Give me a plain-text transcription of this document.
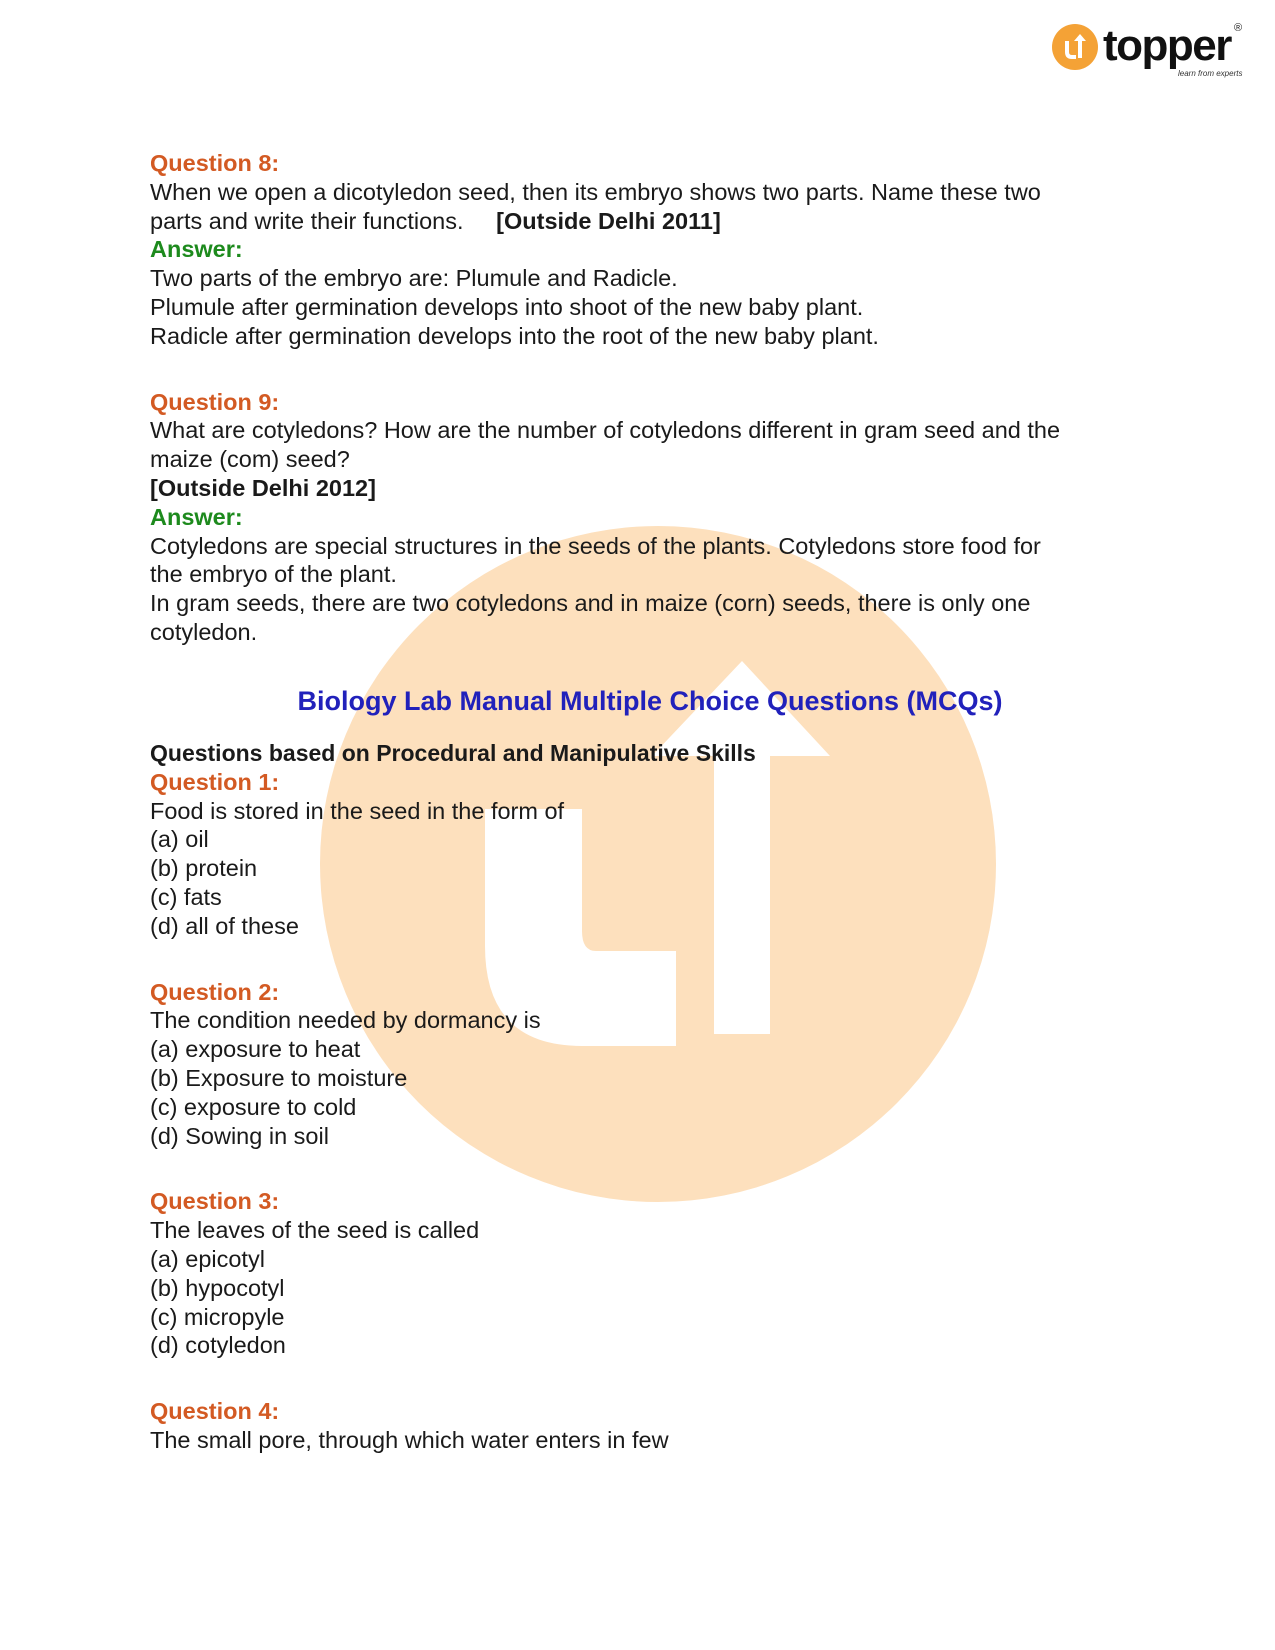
topper ®
learn from experts
Question 8:
When we open a dicotyledon seed, then its embryo shows two parts. Name these two
parts and write their functions. [Outside Delhi 2011]
Answer:
Two parts of the embryo are: Plumule and Radicle.
Plumule after germination develops into shoot of the new baby plant.
Radicle after germination develops into the root of the new baby plant.
Question 9:
What are cotyledons? How are the number of cotyledons different in gram seed and the
maize (com) seed?
[Outside Delhi 2012]
Answer:
Cotyledons are special structures in the seeds of the plants. Cotyledons store food for
the embryo of the plant.
In gram seeds, there are two cotyledons and in maize (corn) seeds, there is only one
cotyledon.
Biology Lab Manual Multiple Choice Questions (MCQs)
Questions based on Procedural and Manipulative Skills
Question 1:
Food is stored in the seed in the form of
(a) oil
(b) protein
(c) fats
(d) all of these
Question 2:
The condition needed by dormancy is
(a) exposure to heat
(b) Exposure to moisture
(c) exposure to cold
(d) Sowing in soil
Question 3:
The leaves of the seed is called
(a) epicotyl
(b) hypocotyl
(c) micropyle
(d) cotyledon
Question 4:
The small pore, through which water enters in few
